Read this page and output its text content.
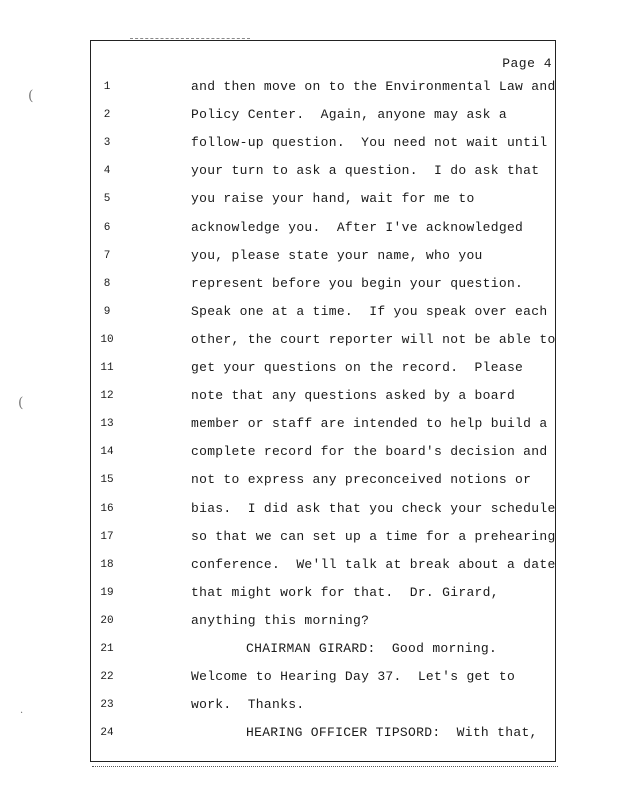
(
(
·
Page 4
1	and then move on to the Environmental Law and
2	Policy Center.  Again, anyone may ask a
3	follow-up question.  You need not wait until
4	your turn to ask a question.  I do ask that
5	you raise your hand, wait for me to
6	acknowledge you.  After I've acknowledged
7	you, please state your name, who you
8	represent before you begin your question.
9	Speak one at a time.  If you speak over each
10	other, the court reporter will not be able to
11	get your questions on the record.  Please
12	note that any questions asked by a board
13	member or staff are intended to help build a
14	complete record for the board's decision and
15	not to express any preconceived notions or
16	bias.  I did ask that you check your schedule
17	so that we can set up a time for a prehearing
18	conference.  We'll talk at break about a date
19	that might work for that.  Dr. Girard,
20	anything this morning?
21	CHAIRMAN GIRARD:  Good morning.
22	Welcome to Hearing Day 37.  Let's get to
23	work.  Thanks.
24	HEARING OFFICER TIPSORD:  With that,
